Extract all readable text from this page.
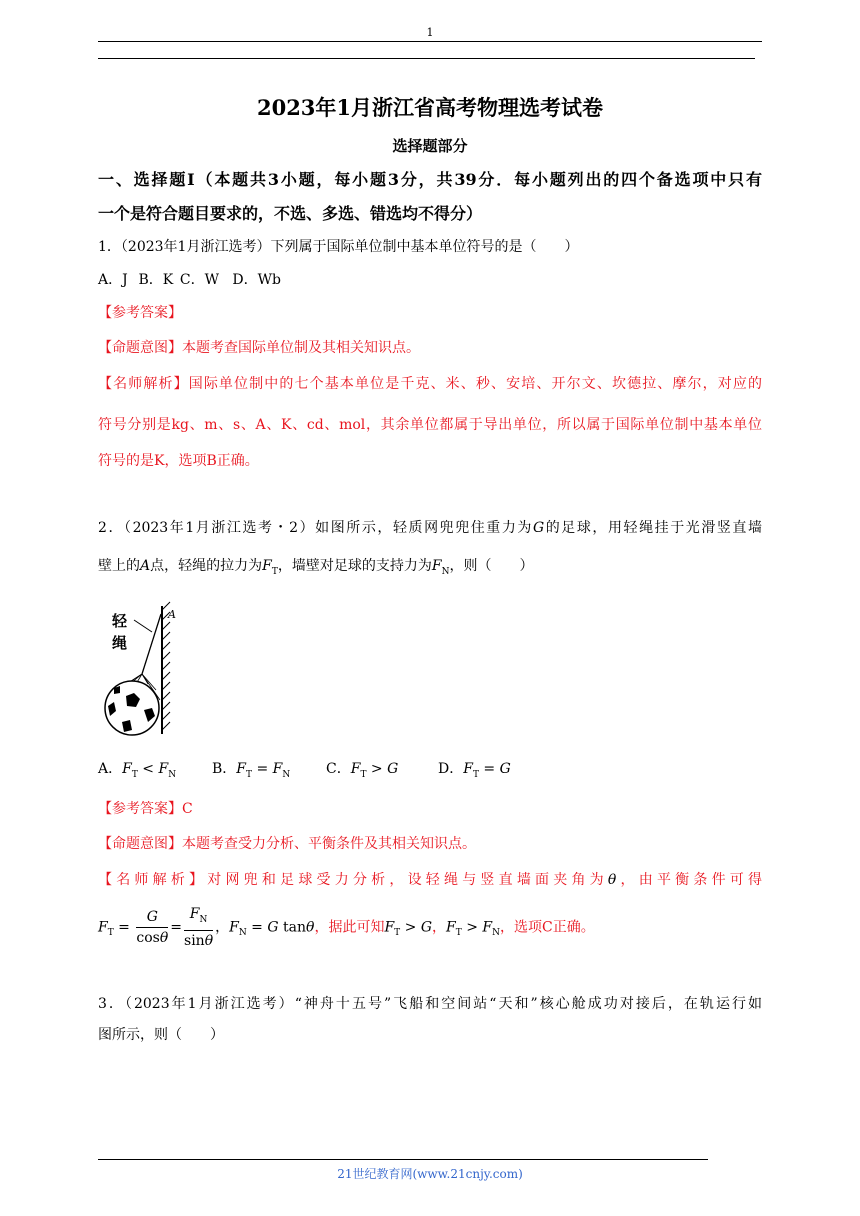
1
2023年1月浙江省高考物理选考试卷
选择题部分
一、选择题Ⅰ（本题共3小题，每小题3分，共39分．每小题列出的四个备选项中只有
一个是符合题目要求的，不选、多选、错选均不得分）
1．（2023年1月浙江选考）下列属于国际单位制中基本单位符号的是（　　）
A．J B．K C．W D．Wb
【参考答案】
【命题意图】本题考查国际单位制及其相关知识点。
【名师解析】国际单位制中的七个基本单位是千克、米、秒、安培、开尔文、坎德拉、摩尔，对应的
符号分别是kg、m、s、A、K、cd、mol，其余单位都属于导出单位，所以属于国际单位制中基本单位
符号的是K，选项B正确。
2．（2023年1月浙江选考・2）如图所示，轻质网兜兜住重力为G的足球，用轻绳挂于光滑竖直墙
壁上的A点，轻绳的拉力为$F_T$，墙壁对足球的支持力为$F_N$，则（　　）
轻
绳
A
A．$F_T < F_N$	B．$F_T = F_N$	C．$F_T > G$	D．$F_T = G$
【参考答案】C
【命题意图】本题考查受力分析、平衡条件及其相关知识点。
【名师解析】对网兜和足球受力分析，设轻绳与竖直墙面夹角为θ，由平衡条件可得
$F_T = \frac{G}{\cos\theta} = \frac{F_N}{\sin\theta}$ ，$F_N = G$ tanθ，据此可知$F_T > G$，$F_T > F_N$，选项C正确。
3．（2023年1月浙江选考）“神舟十五号”飞船和空间站“天和”核心舱成功对接后，在轨运行如
图所示，则（　　）
21世纪教育网(www.21cnjy.com)
